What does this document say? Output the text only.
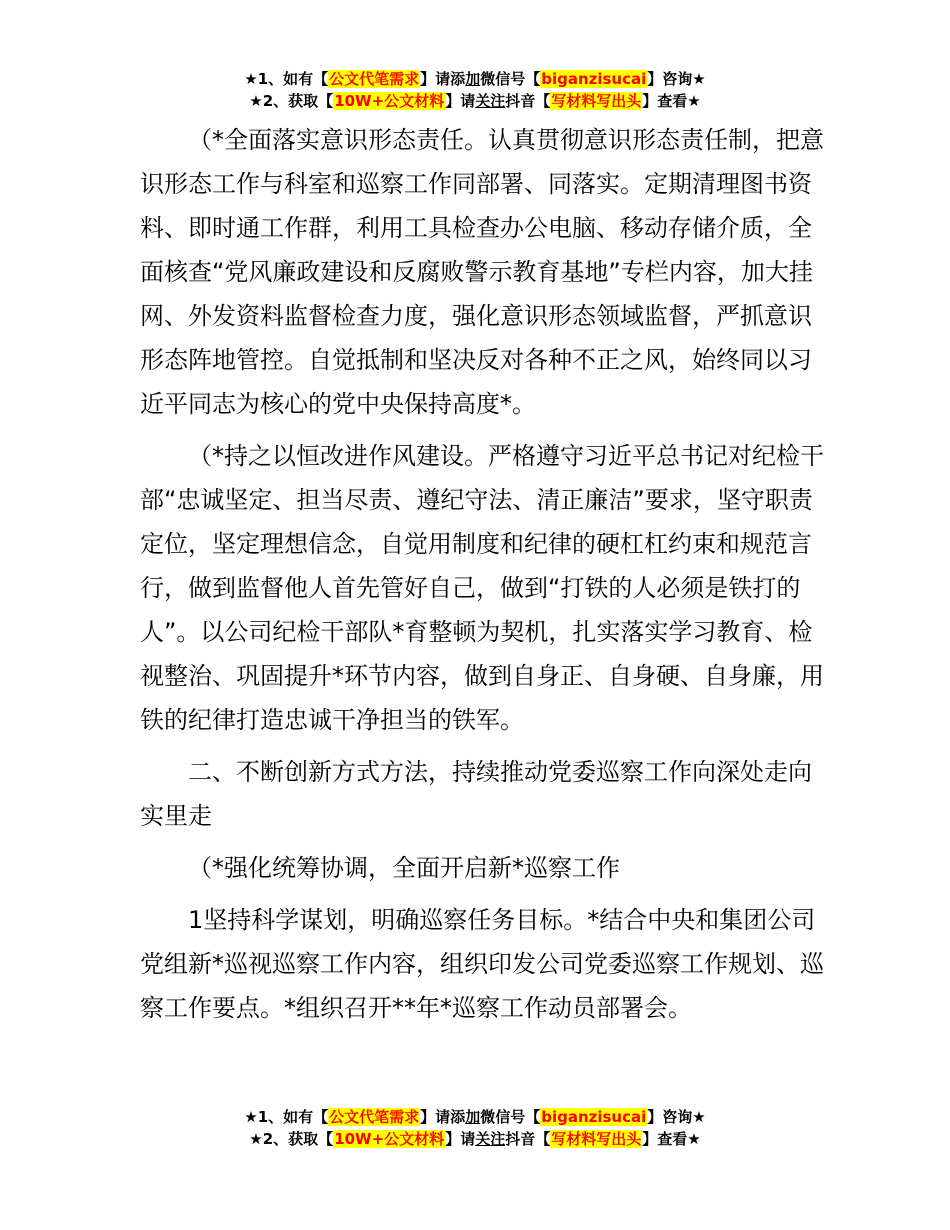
★1、如有【公文代笔需求】请添加微信号【biganzisucai】咨询★
★2、获取【10W+公文材料】请关注抖音【写材料写出头】查看★

（*全面落实意识形态责任。认真贯彻意识形态责任制，把意识形态工作与科室和巡察工作同部署、同落实。定期清理图书资料、即时通工作群，利用工具检查办公电脑、移动存储介质，全面核查“党风廉政建设和反腐败警示教育基地”专栏内容，加大挂网、外发资料监督检查力度，强化意识形态领域监督，严抓意识形态阵地管控。自觉抵制和坚决反对各种不正之风，始终同以习近平同志为核心的党中央保持高度*。

（*持之以恒改进作风建设。严格遵守习近平总书记对纪检干部“忠诚坚定、担当尽责、遵纪守法、清正廉洁”要求，坚守职责定位，坚定理想信念，自觉用制度和纪律的硬杠杠约束和规范言行，做到监督他人首先管好自己，做到“打铁的人必须是铁打的人”。以公司纪检干部队*育整顿为契机，扎实落实学习教育、检视整治、巩固提升*环节内容，做到自身正、自身硬、自身廉，用铁的纪律打造忠诚干净担当的铁军。

二、不断创新方式方法，持续推动党委巡察工作向深处走向实里走

（*强化统筹协调，全面开启新*巡察工作

1坚持科学谋划，明确巡察任务目标。*结合中央和集团公司党组新*巡视巡察工作内容，组织印发公司党委巡察工作规划、巡察工作要点。*组织召开**年*巡察工作动员部署会。

★1、如有【公文代笔需求】请添加微信号【biganzisucai】咨询★
★2、获取【10W+公文材料】请关注抖音【写材料写出头】查看★
